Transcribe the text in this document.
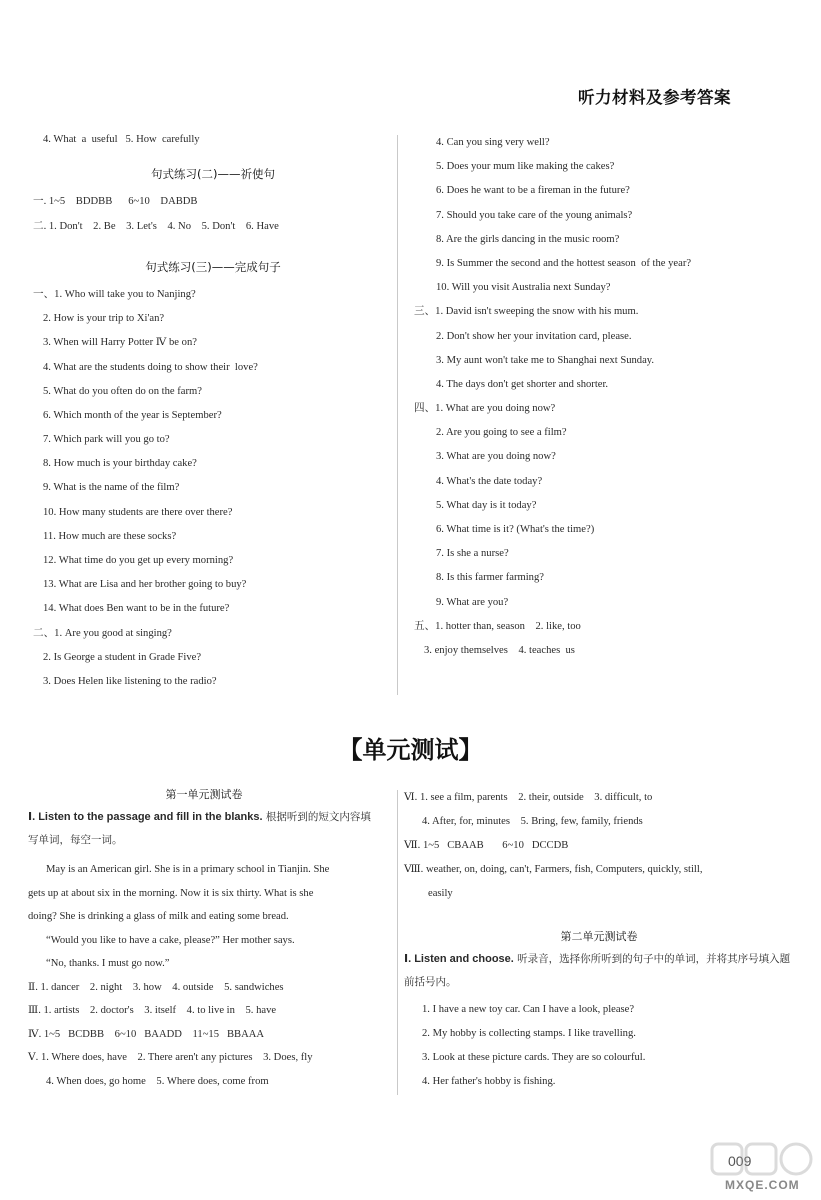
听力材料及参考答案
4. What  a  useful   5. How  carefully
句式练习(二)——祈使句
一. 1~5    BDDBB      6~10    DABDB
二. 1. Don't    2. Be    3. Let's    4. No    5. Don't    6. Have
句式练习(三)——完成句子
一、1. Who will take you to Nanjing?
2. How is your trip to Xi'an?
3. When will Harry Potter Ⅳ be on?
4. What are the students doing to show their  love?
5. What do you often do on the farm?
6. Which month of the year is September?
7. Which park will you go to?
8. How much is your birthday cake?
9. What is the name of the film?
10. How many students are there over there?
11. How much are these socks?
12. What time do you get up every morning?
13. What are Lisa and her brother going to buy?
14. What does Ben want to be in the future?
二、1. Are you good at singing?
2. Is George a student in Grade Five?
3. Does Helen like listening to the radio?
4. Can you sing very well?
5. Does your mum like making the cakes?
6. Does he want to be a fireman in the future?
7. Should you take care of the young animals?
8. Are the girls dancing in the music room?
9. Is Summer the second and the hottest season  of the year?
10. Will you visit Australia next Sunday?
三、1. David isn't sweeping the snow with his mum.
2. Don't show her your invitation card, please.
3. My aunt won't take me to Shanghai next Sunday.
4. The days don't get shorter and shorter.
四、1. What are you doing now?
2. Are you going to see a film?
3. What are you doing now?
4. What's the date today?
5. What day is it today?
6. What time is it? (What's the time?)
7. Is she a nurse?
8. Is this farmer farming?
9. What are you?
五、1. hotter than, season    2. like, too
3. enjoy themselves    4. teaches  us
【单元测试】
第一单元测试卷
Ⅰ. Listen to the passage and fill in the blanks. 根据听到的短文内容填写单词，每空一词。
May is an American girl. She is in a primary school in Tianjin. She
gets up at about six in the morning. Now it is six thirty. What is she
doing? She is drinking a glass of milk and eating some bread.
“Would you like to have a cake, please?” Her mother says.
“No, thanks. I must go now.”
Ⅱ. 1. dancer    2. night    3. how    4. outside    5. sandwiches
Ⅲ. 1. artists    2. doctor's    3. itself    4. to live in    5. have
Ⅳ. 1~5   BCDBB    6~10   BAADD    11~15   BBAAA
Ⅴ. 1. Where does, have    2. There aren't any pictures    3. Does, fly
4. When does, go home    5. Where does, come from
Ⅵ. 1. see a film, parents    2. their, outside    3. difficult, to
4. After, for, minutes    5. Bring, few, family, friends
Ⅶ. 1~5   CBAAB       6~10   DCCDB
Ⅷ. weather, on, doing, can't, Farmers, fish, Computers, quickly, still,
easily
第二单元测试卷
Ⅰ. Listen and choose. 听录音，选择你所听到的句子中的单词，并将其序号填入题前括号内。
1. I have a new toy car. Can I have a look, please?
2. My hobby is collecting stamps. I like travelling.
3. Look at these picture cards. They are so colourful.
4. Her father's hobby is fishing.
009
MXQE.COM
